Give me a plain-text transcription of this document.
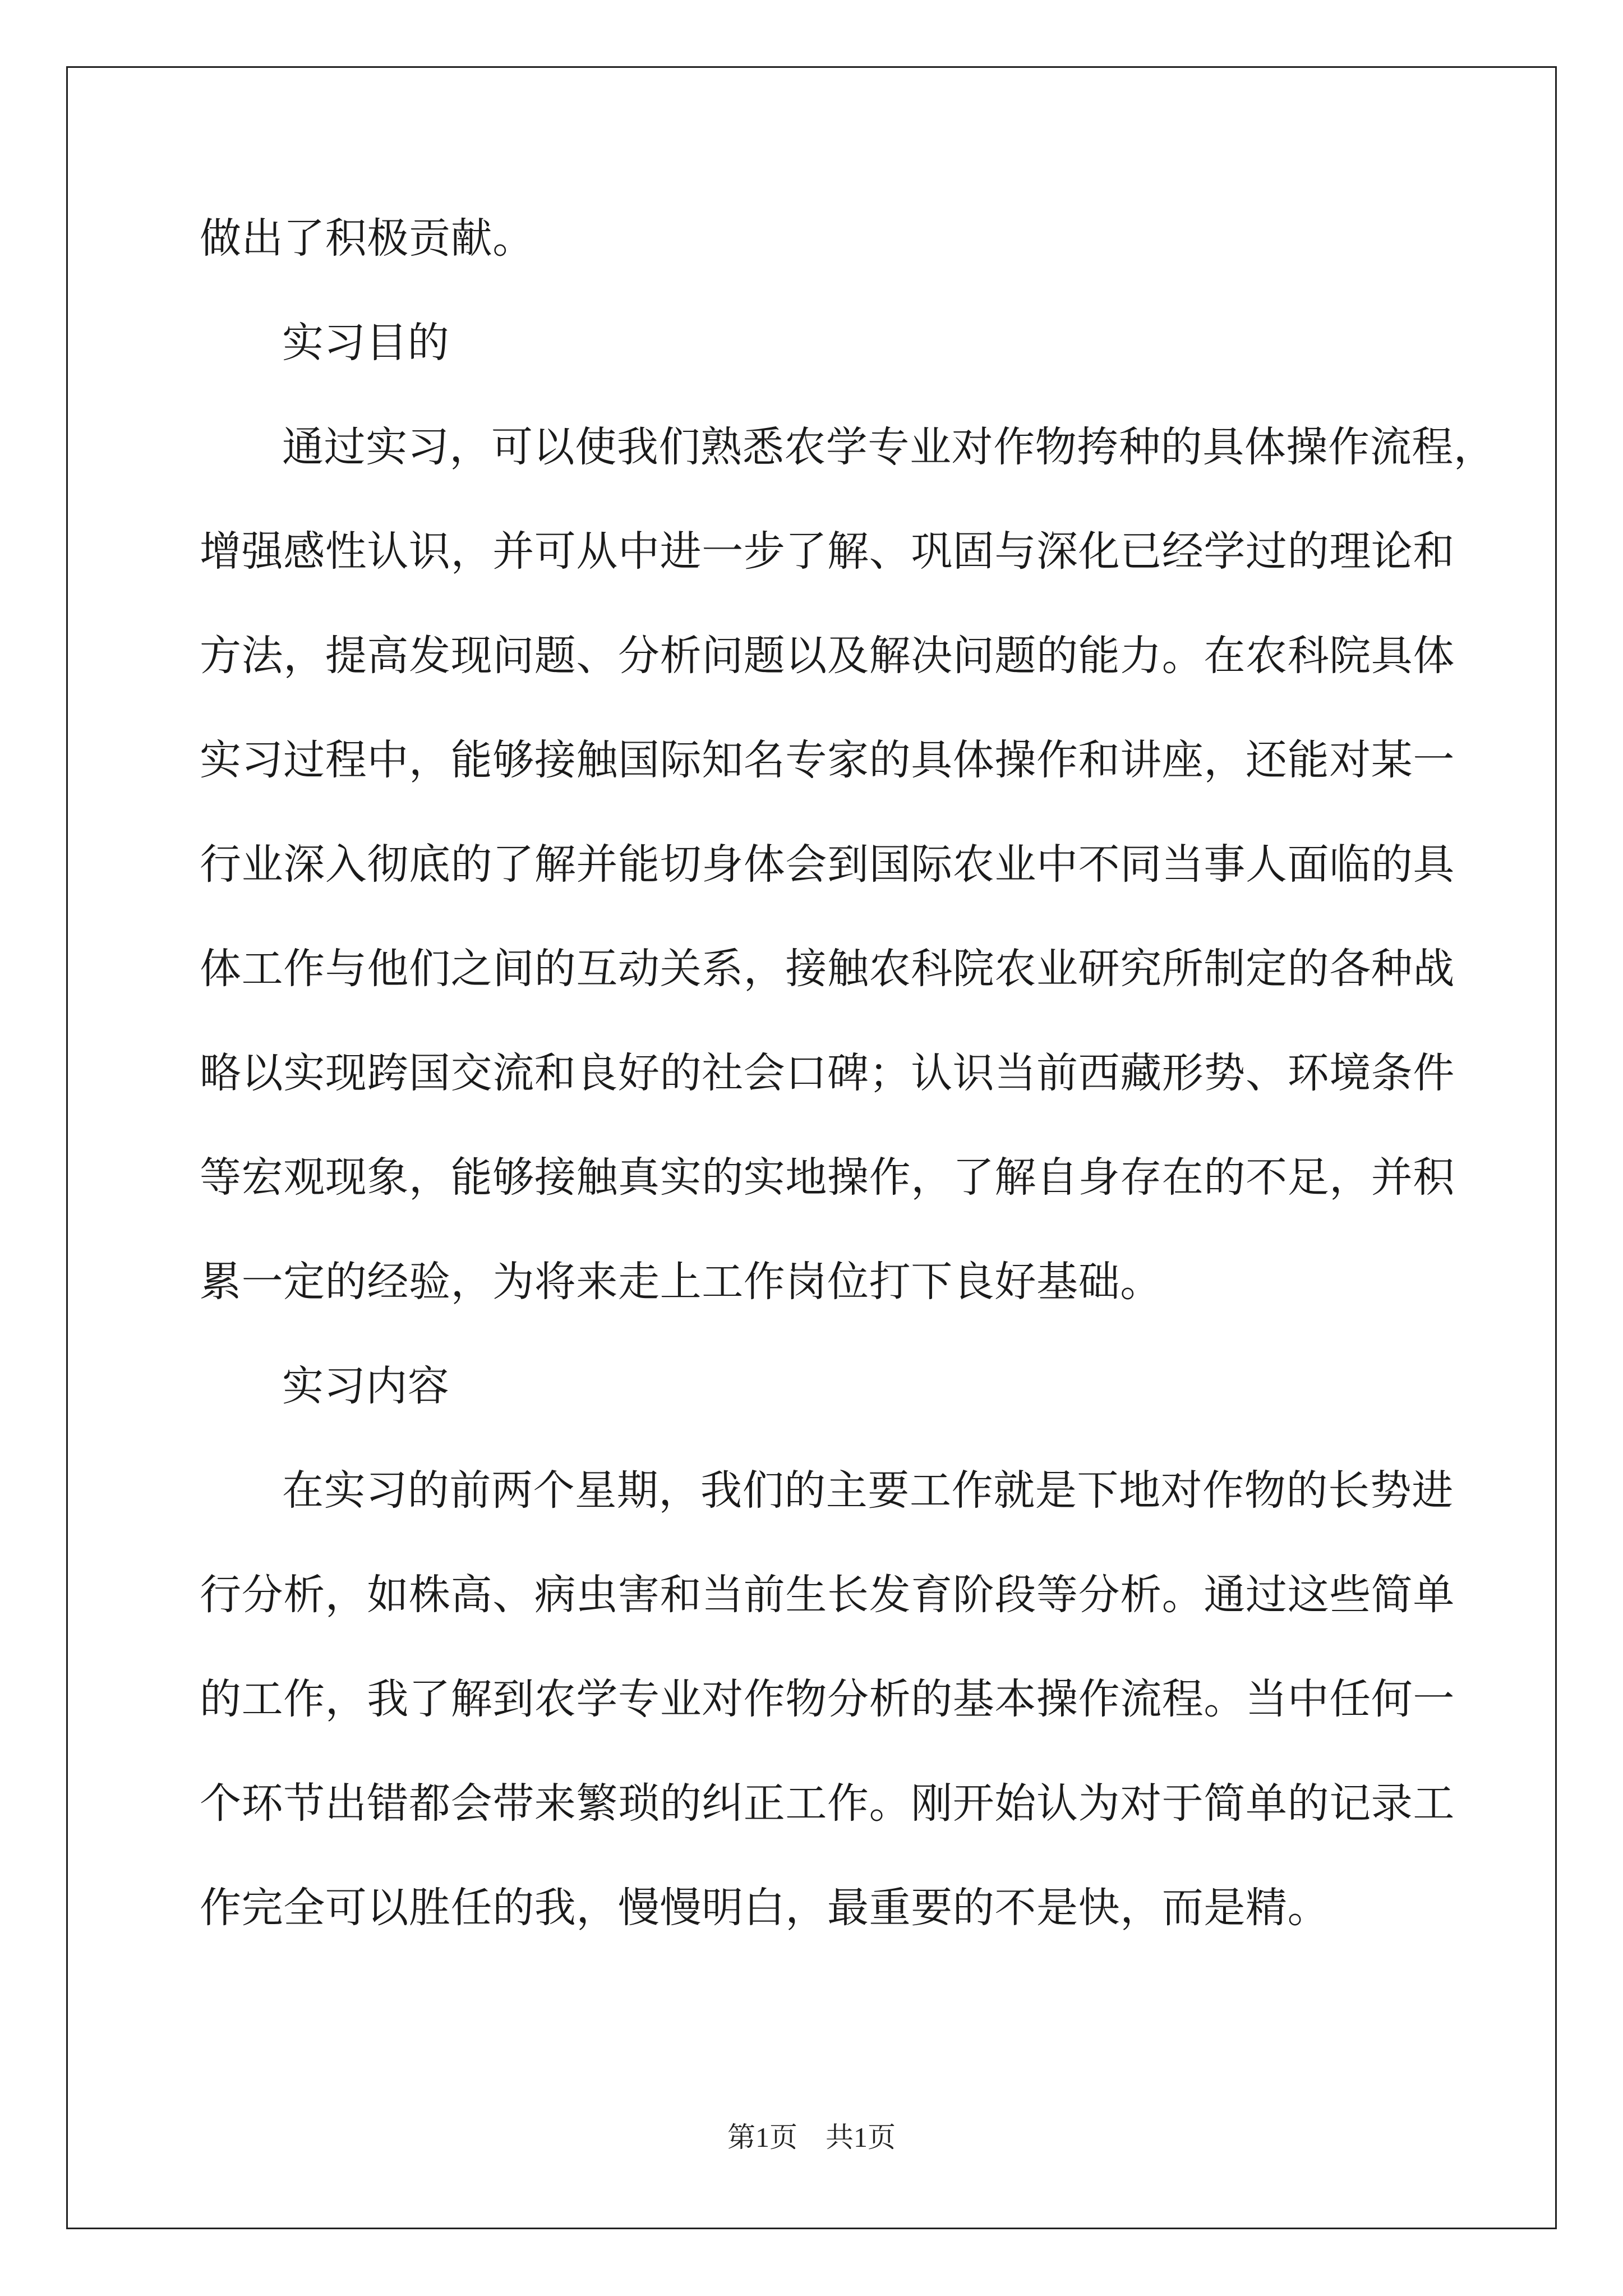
做出了积极贡献。
实习目的
通过实习，可以使我们熟悉农学专业对作物挎种的具体操作流程，
增强感性认识，并可从中进一步了解、巩固与深化已经学过的理论和
方法，提高发现问题、分析问题以及解决问题的能力。在农科院具体
实习过程中，能够接触国际知名专家的具体操作和讲座，还能对某一
行业深入彻底的了解并能切身体会到国际农业中不同当事人面临的具
体工作与他们之间的互动关系，接触农科院农业研究所制定的各种战
略以实现跨国交流和良好的社会口碑；认识当前西藏形势、环境条件
等宏观现象，能够接触真实的实地操作，了解自身存在的不足，并积
累一定的经验，为将来走上工作岗位打下良好基础。
实习内容
在实习的前两个星期，我们的主要工作就是下地对作物的长势进
行分析，如株高、病虫害和当前生长发育阶段等分析。通过这些简单
的工作，我了解到农学专业对作物分析的基本操作流程。当中任何一
个环节出错都会带来繁琐的纠正工作。刚开始认为对于简单的记录工
作完全可以胜任的我，慢慢明白，最重要的不是快，而是精。
第1页　共1页
